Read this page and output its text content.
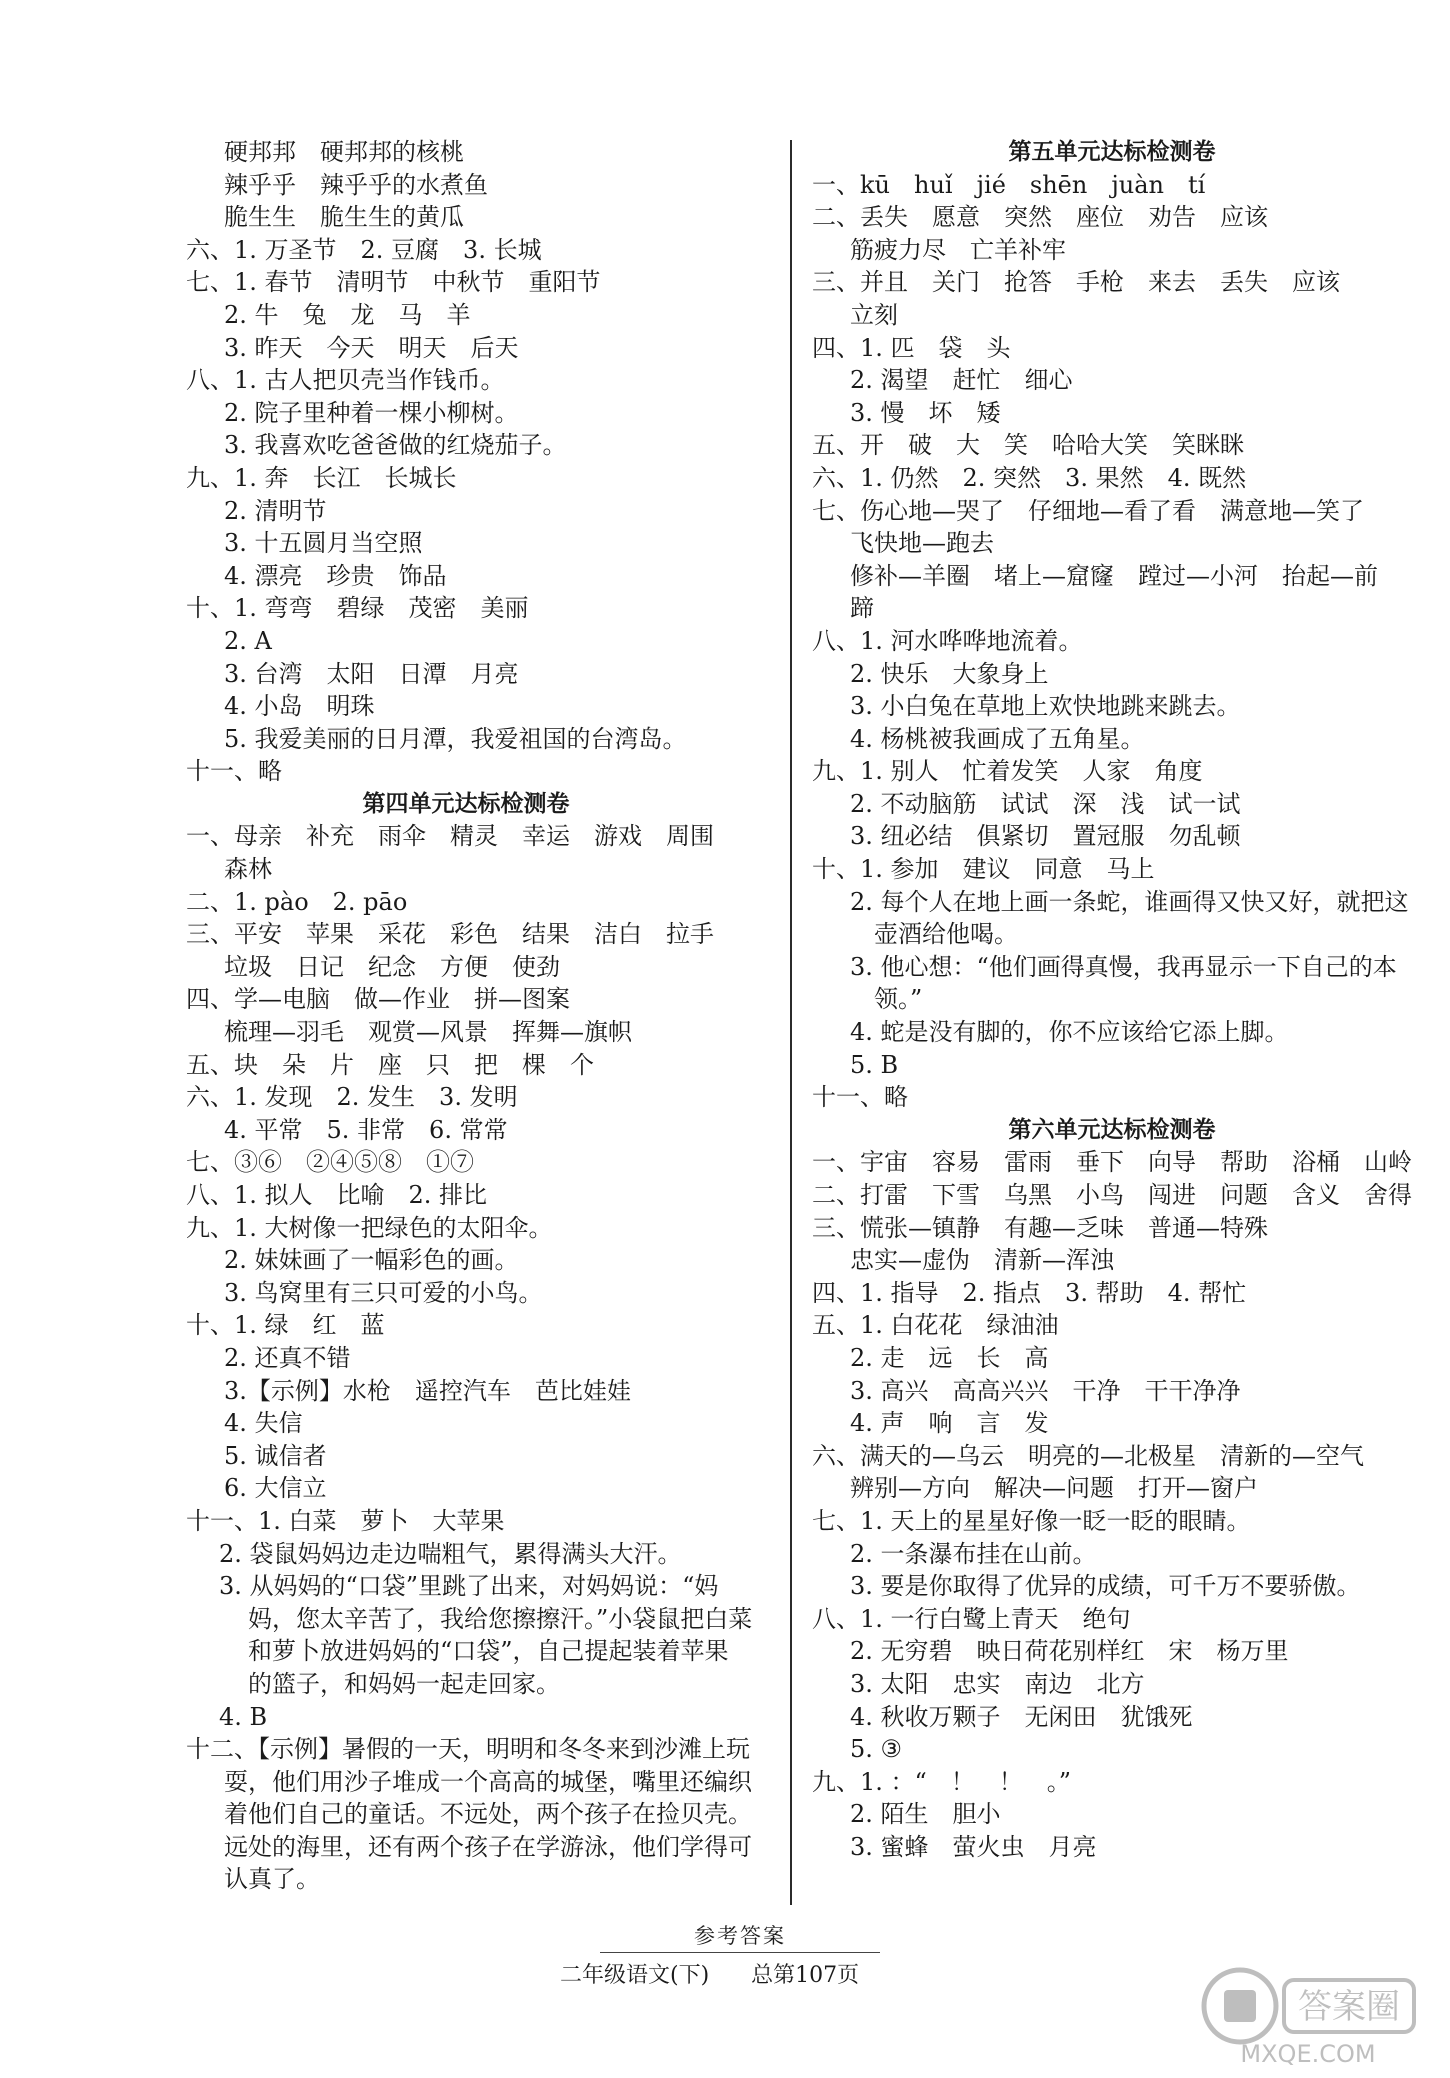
硬邦邦　硬邦邦的核桃
辣乎乎　辣乎乎的水煮鱼
脆生生　脆生生的黄瓜
六、1. 万圣节　2. 豆腐　3. 长城
七、1. 春节　清明节　中秋节　重阳节
2. 牛　兔　龙　马　羊
3. 昨天　今天　明天　后天
八、1. 古人把贝壳当作钱币。
2. 院子里种着一棵小柳树。
3. 我喜欢吃爸爸做的红烧茄子。
九、1. 奔　长江　长城长
2. 清明节
3. 十五圆月当空照
4. 漂亮　珍贵　饰品
十、1. 弯弯　碧绿　茂密　美丽
2. A
3. 台湾　太阳　日潭　月亮
4. 小岛　明珠
5. 我爱美丽的日月潭，我爱祖国的台湾岛。
十一、略
第四单元达标检测卷
一、母亲　补充　雨伞　精灵　幸运　游戏　周围
森林
二、1. pào　2. pāo
三、平安　苹果　采花　彩色　结果　洁白　拉手
垃圾　日记　纪念　方便　使劲
四、学—电脑　做—作业　拼—图案
梳理—羽毛　观赏—风景　挥舞—旗帜
五、块　朵　片　座　只　把　棵　个
六、1. 发现　2. 发生　3. 发明
4. 平常　5. 非常　6. 常常
七、③⑥　②④⑤⑧　①⑦
八、1. 拟人　比喻　2. 排比
九、1. 大树像一把绿色的太阳伞。
2. 妹妹画了一幅彩色的画。
3. 鸟窝里有三只可爱的小鸟。
十、1. 绿　红　蓝
2. 还真不错
3.【示例】水枪　遥控汽车　芭比娃娃
4. 失信
5. 诚信者
6. 大信立
十一、1. 白菜　萝卜　大苹果
2. 袋鼠妈妈边走边喘粗气，累得满头大汗。
3. 从妈妈的“口袋”里跳了出来，对妈妈说：“妈
妈，您太辛苦了，我给您擦擦汗。”小袋鼠把白菜
和萝卜放进妈妈的“口袋”，自己提起装着苹果
的篮子，和妈妈一起走回家。
4. B
十二、【示例】暑假的一天，明明和冬冬来到沙滩上玩
耍，他们用沙子堆成一个高高的城堡，嘴里还编织
着他们自己的童话。不远处，两个孩子在捡贝壳。
远处的海里，还有两个孩子在学游泳，他们学得可
认真了。
第五单元达标检测卷
一、kū　huǐ　jié　shēn　juàn　tí
二、丢失　愿意　突然　座位　劝告　应该
筋疲力尽　亡羊补牢
三、并且　关门　抢答　手枪　来去　丢失　应该
立刻
四、1. 匹　袋　头
2. 渴望　赶忙　细心
3. 慢　坏　矮
五、开　破　大　笑　哈哈大笑　笑眯眯
六、1. 仍然　2. 突然　3. 果然　4. 既然
七、伤心地—哭了　仔细地—看了看　满意地—笑了
飞快地—跑去
修补—羊圈　堵上—窟窿　蹚过—小河　抬起—前
蹄
八、1. 河水哗哗地流着。
2. 快乐　大象身上
3. 小白兔在草地上欢快地跳来跳去。
4. 杨桃被我画成了五角星。
九、1. 别人　忙着发笑　人家　角度
2. 不动脑筋　试试　深　浅　试一试
3. 纽必结　俱紧切　置冠服　勿乱顿
十、1. 参加　建议　同意　马上
2. 每个人在地上画一条蛇，谁画得又快又好，就把这
壶酒给他喝。
3. 他心想：“他们画得真慢，我再显示一下自己的本
领。”
4. 蛇是没有脚的，你不应该给它添上脚。
5. B
十一、略
第六单元达标检测卷
一、宇宙　容易　雷雨　垂下　向导　帮助　浴桶　山岭
二、打雷　下雪　乌黑　小鸟　闯进　问题　含义　舍得
三、慌张—镇静　有趣—乏味　普通—特殊
忠实—虚伪　清新—浑浊
四、1. 指导　2. 指点　3. 帮助　4. 帮忙
五、1. 白花花　绿油油
2. 走　远　长　高
3. 高兴　高高兴兴　干净　干干净净
4. 声　响　言　发
六、满天的—乌云　明亮的—北极星　清新的—空气
辨别—方向　解决—问题　打开—窗户
七、1. 天上的星星好像一眨一眨的眼睛。
2. 一条瀑布挂在山前。
3. 要是你取得了优异的成绩，可千万不要骄傲。
八、1. 一行白鹭上青天　绝句
2. 无穷碧　映日荷花别样红　宋　杨万里
3. 太阳　忠实　南边　北方
4. 秋收万颗子　无闲田　犹饿死
5. ③
九、1. ：“　！　！　。”
2. 陌生　胆小
3. 蜜蜂　萤火虫　月亮
参考答案
二年级语文(下) 总第107页
答案圈
MXQE.COM
